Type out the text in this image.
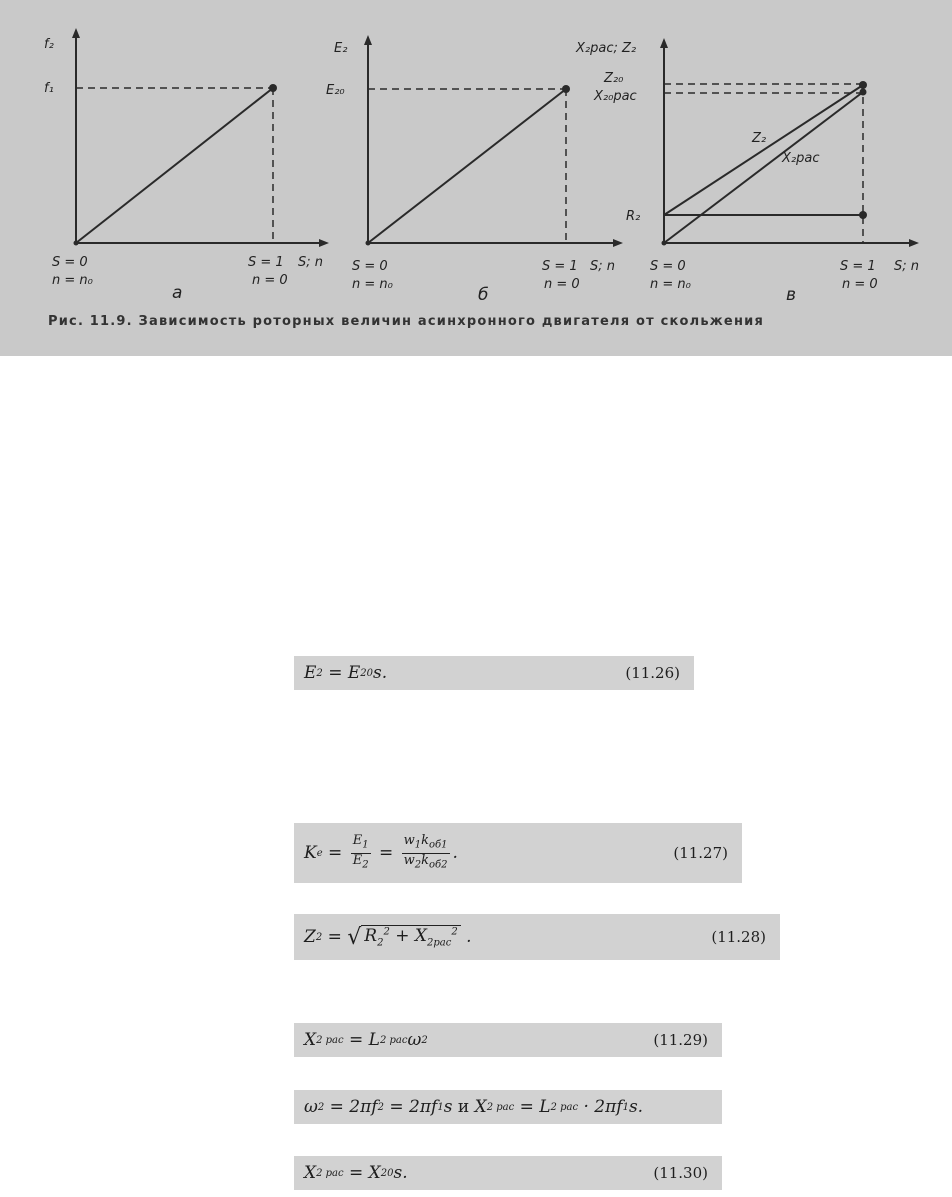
f₂
f₁
S; n
S = 0
n = n₀
S = 1
n = 0
а
E₂
E₂₀
S; n
S = 0
n = n₀
S = 1
n = 0
б
X₂рас; Z₂
Z₂₀
X₂₀рас
R₂
Z₂
X₂рас
S; n
S = 0
n = n₀
S = 1
n = 0
в
Рис. 11.9. Зависимость роторных величин асинхронного двигателя от скольжения
E 2 = E 20 s.	(11.26)
K $e = \frac{E_1}{E_2} = \frac{w_1k_{об1}}{w_2k_{об2}}$ .	(11.27)
Z 2 = √ $R_2^2 + X_{2рас}^2$ .	(11.28)
X 2 рас = L 2 рас ω 2	(11.29)
ω 2 = 2πf 2 = 2πf 1 s и X 2 рас = L 2 рас · 2πf 1 s.
X 2 рас = X 20 s.	(11.30)
